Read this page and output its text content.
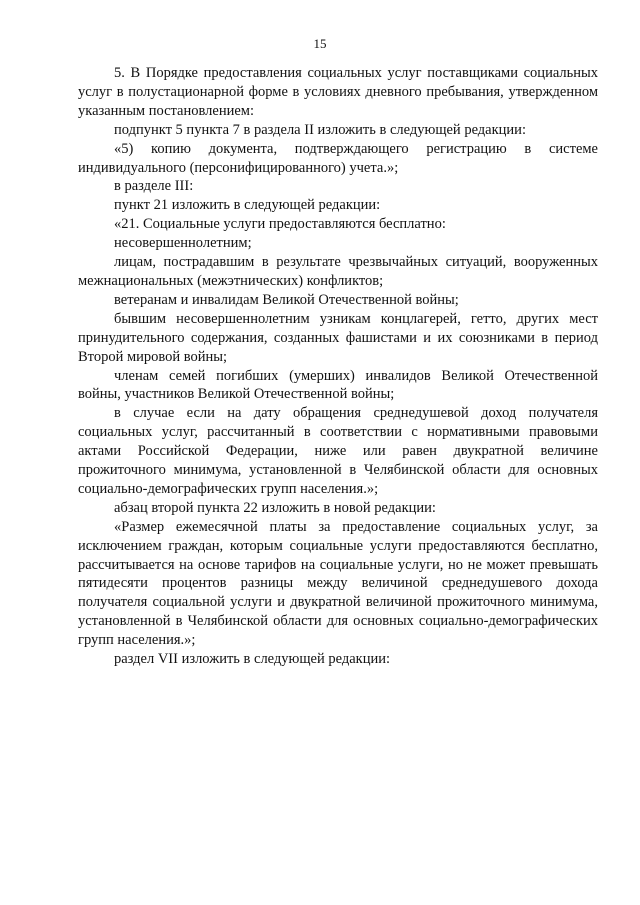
15

5. В Порядке предоставления социальных услуг поставщиками социальных услуг в полустационарной форме в условиях дневного пребывания, утвержденном указанным постановлением:

подпункт 5 пункта 7 в раздела II изложить в следующей редакции:

«5) копию документа, подтверждающего регистрацию в системе индивидуального (персонифицированного) учета.»;

в разделе III:

пункт 21 изложить в следующей редакции:

«21. Социальные услуги предоставляются бесплатно:

несовершеннолетним;

лицам, пострадавшим в результате чрезвычайных ситуаций, вооруженных межнациональных (межэтнических) конфликтов;

ветеранам и инвалидам Великой Отечественной войны;

бывшим несовершеннолетним узникам концлагерей, гетто, других мест принудительного содержания, созданных фашистами и их союзниками в период Второй мировой войны;

членам семей погибших (умерших) инвалидов Великой Отечественной войны, участников Великой Отечественной войны;

в случае если на дату обращения среднедушевой доход получателя социальных услуг, рассчитанный в соответствии с нормативными правовыми актами Российской Федерации, ниже или равен двукратной величине прожиточного минимума, установленной в Челябинской области для основных социально-демографических групп населения.»;

абзац второй пункта 22 изложить в новой редакции:

«Размер ежемесячной платы за предоставление социальных услуг, за исключением граждан, которым социальные услуги предоставляются бесплатно, рассчитывается на основе тарифов на социальные услуги, но не может превышать пятидесяти процентов разницы между величиной среднедушевого дохода получателя социальной услуги и двукратной величиной прожиточного минимума, установленной в Челябинской области для основных социально-демографических групп населения.»;

раздел VII изложить в следующей редакции:
